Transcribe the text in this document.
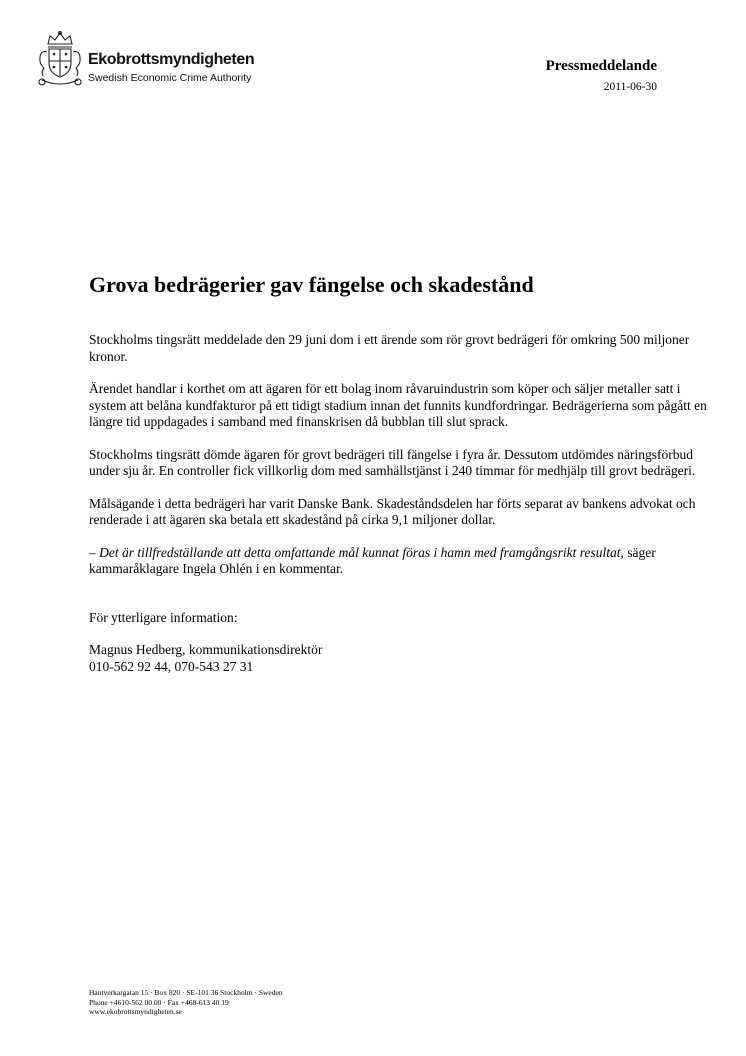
Ekobrottsmyndigheten
Swedish Economic Crime Authority
Pressmeddelande
2011-06-30
Grova bedrägerier gav fängelse och skadestånd

Stockholms tingsrätt meddelade den 29 juni dom i ett ärende som rör grovt bedrägeri för omkring 500 miljoner kronor.

Ärendet handlar i korthet om att ägaren för ett bolag inom råvaruindustrin som köper och säljer metaller satt i system att belåna kundfakturor på ett tidigt stadium innan det funnits kundfordringar. Bedrägerierna som pågått en längre tid uppdagades i samband med finanskrisen då bubblan till slut sprack.

Stockholms tingsrätt dömde ägaren för grovt bedrägeri till fängelse i fyra år. Dessutom utdömdes näringsförbud under sju år. En controller fick villkorlig dom med samhällstjänst i 240 timmar för medhjälp till grovt bedrägeri.

Målsägande i detta bedrägeri har varit Danske Bank. Skadeståndsdelen har förts separat av bankens advokat och renderade i att ägaren ska betala ett skadestånd på cirka 9,1 miljoner dollar.

– Det är tillfredställande att detta omfattande mål kunnat föras i hamn med framgångsrikt resultat, säger kammaråklagare Ingela Ohlén i en kommentar.

För ytterligare information:

Magnus Hedberg, kommunikationsdirektör
010-562 92 44, 070-543 27 31
Hantverkargatan 15 · Box 820 · SE-101 36 Stockholm · Sweden
Phone +4610-562 00 00 · Fax +468-613 40 19
www.ekobrottsmyndigheten.se
